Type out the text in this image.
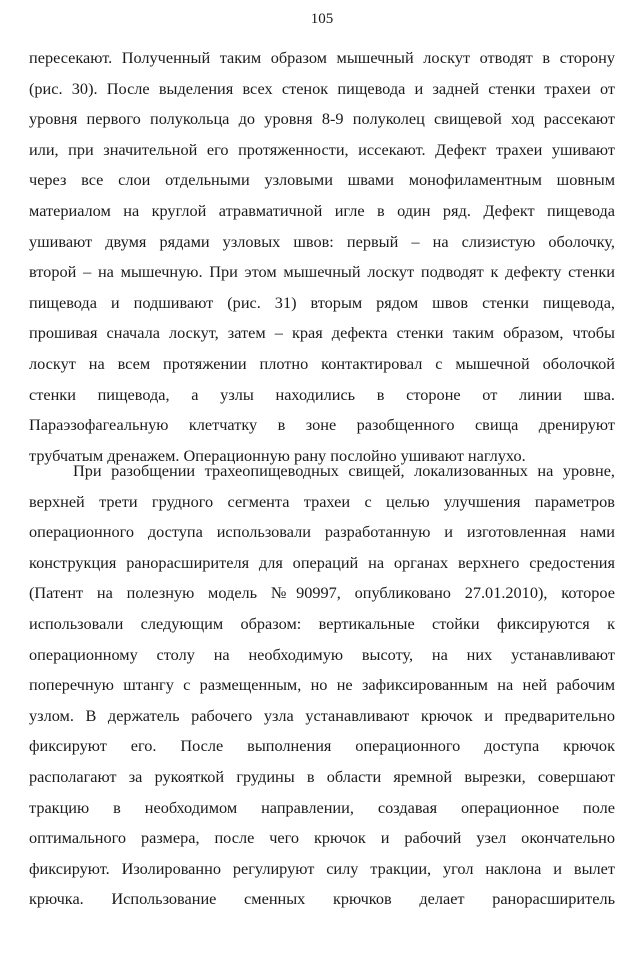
105
пересекают. Полученный таким образом мышечный лоскут отводят в сторону
(рис. 30). После выделения всех стенок пищевода и задней стенки трахеи от
уровня первого полукольца до уровня 8-9 полуколец свищевой ход рассекают
или, при значительной его протяженности, иссекают. Дефект трахеи ушивают
через все слои отдельными узловыми швами монофиламентным шовным
материалом на круглой атравматичной игле в один ряд. Дефект пищевода
ушивают двумя рядами узловых швов: первый – на слизистую оболочку,
второй – на мышечную. При этом мышечный лоскут подводят к дефекту стенки
пищевода и подшивают (рис. 31) вторым рядом швов стенки пищевода,
прошивая сначала лоскут, затем – края дефекта стенки таким образом, чтобы
лоскут на всем протяжении плотно контактировал с мышечной оболочкой
стенки пищевода, а узлы находились в стороне от линии шва.
Параэзофагеальную клетчатку в зоне разобщенного свища дренируют
трубчатым дренажем. Операционную рану послойно ушивают наглухо.
При разобщении трахеопищеводных свищей, локализованных на уровне,
верхней трети грудного сегмента трахеи с целью улучшения параметров
операционного доступа использовали разработанную и изготовленная нами
конструкция ранорасширителя для операций на органах верхнего средостения
(Патент на полезную модель №90997, опубликовано 27.01.2010), которое
использовали следующим образом: вертикальные стойки фиксируются к
операционному столу на необходимую высоту, на них устанавливают
поперечную штангу с размещенным, но не зафиксированным на ней рабочим
узлом. В держатель рабочего узла устанавливают крючок и предварительно
фиксируют его. После выполнения операционного доступа крючок
располагают за рукояткой грудины в области яремной вырезки, совершают
тракцию в необходимом направлении, создавая операционное поле
оптимального размера, после чего крючок и рабочий узел окончательно
фиксируют. Изолированно регулируют силу тракции, угол наклона и вылет
крючка. Использование сменных крючков делает ранорасширитель
